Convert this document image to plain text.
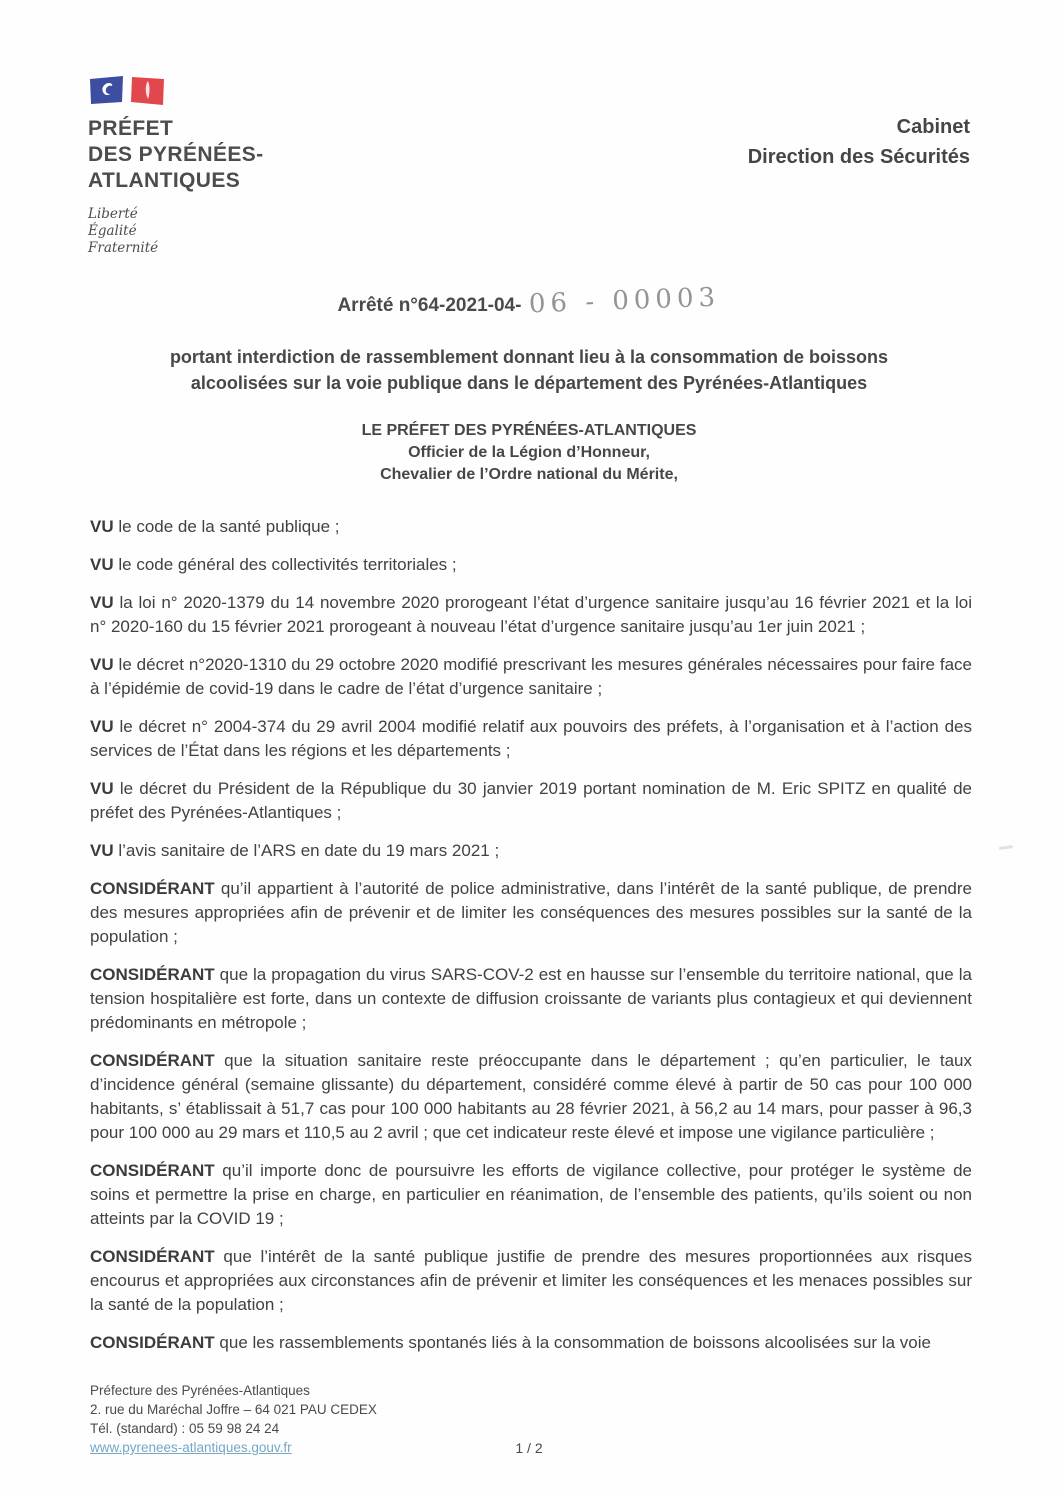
PRÉFET
DES PYRÉNÉES-
ATLANTIQUES
Liberté
Égalité
Fraternité
Cabinet
Direction des Sécurités
Arrêté n°64-2021-04- 06 - 00003
portant interdiction de rassemblement donnant lieu à la consommation de boissons
alcoolisées sur la voie publique dans le département des Pyrénées-Atlantiques
LE PRÉFET DES PYRÉNÉES-ATLANTIQUES
Officier de la Légion d’Honneur,
Chevalier de l’Ordre national du Mérite,

VU le code de la santé publique ;

VU le code général des collectivités territoriales ;

VU la loi n° 2020-1379 du 14 novembre 2020 prorogeant l’état d’urgence sanitaire jusqu’au 16 février 2021 et la loi n° 2020-160 du 15 février 2021 prorogeant à nouveau l’état d’urgence sanitaire jusqu’au 1er juin 2021 ;

VU le décret n°2020-1310 du 29 octobre 2020 modifié prescrivant les mesures générales nécessaires pour faire face à l’épidémie de covid-19 dans le cadre de l’état d’urgence sanitaire ;

VU le décret n° 2004-374 du 29 avril 2004 modifié relatif aux pouvoirs des préfets, à l’organisation et à l’action des services de l’État dans les régions et les départements ;

VU le décret du Président de la République du 30 janvier 2019 portant nomination de M. Eric SPITZ en qualité de préfet des Pyrénées-Atlantiques ;

VU l’avis sanitaire de l’ARS en date du 19 mars 2021 ;

CONSIDÉRANT qu’il appartient à l’autorité de police administrative, dans l’intérêt de la santé publique, de prendre des mesures appropriées afin de prévenir et de limiter les conséquences des mesures possibles sur la santé de la population ;

CONSIDÉRANT que la propagation du virus SARS-COV-2 est en hausse sur l’ensemble du territoire national, que la tension hospitalière est forte, dans un contexte de diffusion croissante de variants plus contagieux et qui deviennent prédominants en métropole ;

CONSIDÉRANT que la situation sanitaire reste préoccupante dans le département ; qu’en particulier, le taux d’incidence général (semaine glissante) du département, considéré comme élevé à partir de 50 cas pour 100 000 habitants, s’ établissait à 51,7 cas pour 100 000 habitants au 28 février 2021, à 56,2 au 14 mars, pour passer à 96,3 pour 100 000 au 29 mars et 110,5 au 2 avril ; que cet indicateur reste élevé et impose une vigilance particulière ;

CONSIDÉRANT qu’il importe donc de poursuivre les efforts de vigilance collective, pour protéger le système de soins et permettre la prise en charge, en particulier en réanimation, de l’ensemble des patients, qu’ils soient ou non atteints par la COVID 19 ;

CONSIDÉRANT que l’intérêt de la santé publique justifie de prendre des mesures proportionnées aux risques encourus et appropriées aux circonstances afin de prévenir et limiter les conséquences et les menaces possibles sur la santé de la population ;

CONSIDÉRANT que les rassemblements spontanés liés à la consommation de boissons alcoolisées sur la voie

Préfecture des Pyrénées-Atlantiques
2. rue du Maréchal Joffre – 64 021 PAU CEDEX
Tél. (standard) : 05 59 98 24 24
www.pyrenees-atlantiques.gouv.fr	1 / 2
